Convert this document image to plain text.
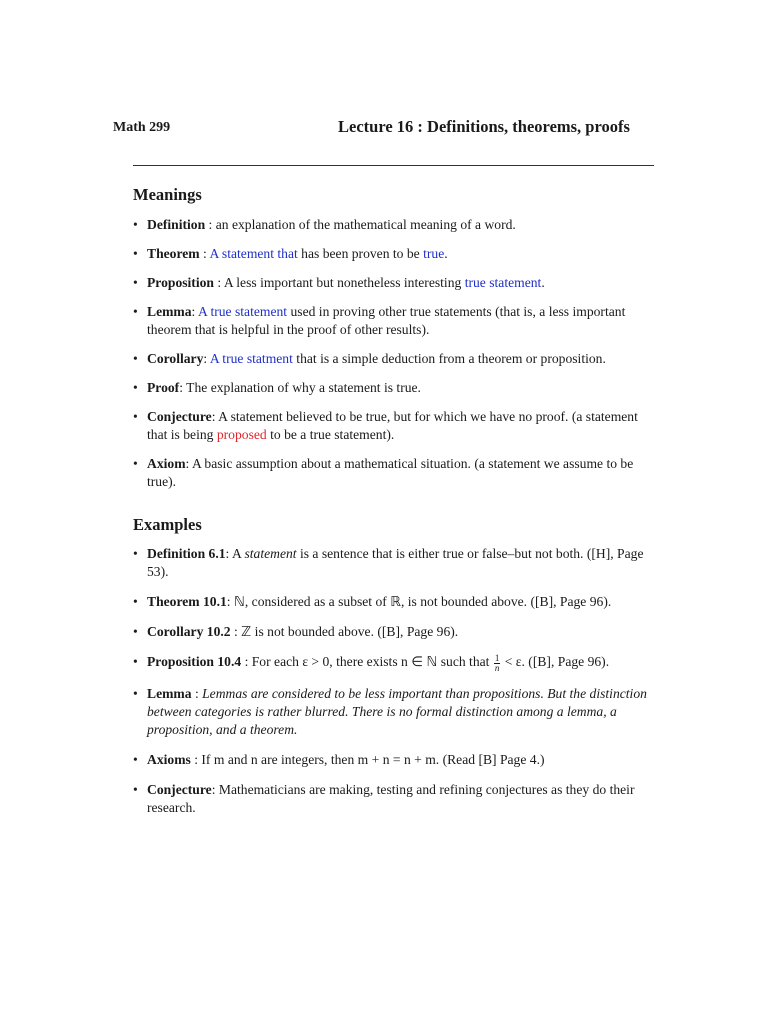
Math 299	Lecture 16 : Definitions, theorems, proofs
Meanings
• Definition : an explanation of the mathematical meaning of a word.
• Theorem : A statement that has been proven to be true.
• Proposition : A less important but nonetheless interesting true statement.
• Lemma: A true statement used in proving other true statements (that is, a less important theorem that is helpful in the proof of other results).
• Corollary: A true statment that is a simple deduction from a theorem or proposition.
• Proof: The explanation of why a statement is true.
• Conjecture: A statement believed to be true, but for which we have no proof. (a statement that is being proposed to be a true statement).
• Axiom: A basic assumption about a mathematical situation. (a statement we assume to be true).
Examples
• Definition 6.1: A statement is a sentence that is either true or false–but not both. ([H], Page 53).
• Theorem 10.1: ℕ, considered as a subset of ℝ, is not bounded above. ([B], Page 96).
• Corollary 10.2 : ℤ is not bounded above. ([B], Page 96).
• Proposition 10.4 : For each ε > 0, there exists n ∈ ℕ such that $\frac{1}{n} < \varepsilon$. ([B], Page 96).
• Lemma : Lemmas are considered to be less important than propositions. But the distinction between categories is rather blurred. There is no formal distinction among a lemma, a proposition, and a theorem.
• Axioms : If m and n are integers, then m + n = n + m. (Read [B] Page 4.)
• Conjecture: Mathematicians are making, testing and refining conjectures as they do their research.
